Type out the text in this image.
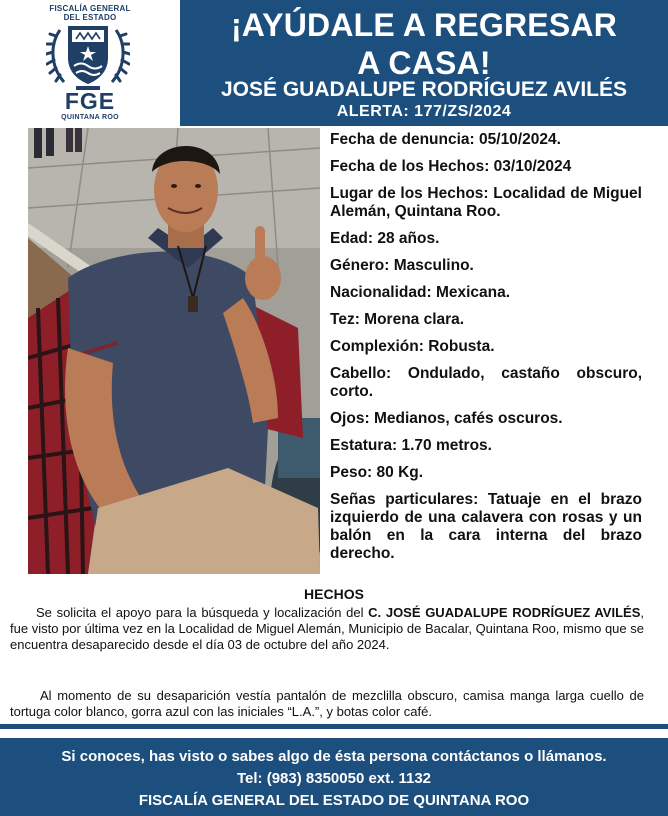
FISCALÍA GENERAL
DEL ESTADO
FGE
QUINTANA ROO
¡AYÚDALE A REGRESAR
A CASA!
JOSÉ GUADALUPE RODRÍGUEZ AVILÉS
ALERTA: 177/ZS/2024
Fecha de denuncia: 05/10/2024.
Fecha de los Hechos: 03/10/2024
Lugar de los Hechos: Localidad de Miguel Alemán, Quintana Roo.
Edad: 28 años.
Género: Masculino.
Nacionalidad: Mexicana.
Tez: Morena clara.
Complexión: Robusta.
Cabello: Ondulado, castaño obscuro, corto.
Ojos: Medianos, cafés oscuros.
Estatura: 1.70 metros.
Peso: 80 Kg.
Señas particulares: Tatuaje en el brazo izquierdo de una calavera con rosas y un balón en la cara interna del brazo derecho.
HECHOS

Se solicita el apoyo para la búsqueda y localización del C. JOSÉ GUADALUPE RODRÍGUEZ AVILÉS, fue visto por última vez en la Localidad de Miguel Alemán, Municipio de Bacalar, Quintana Roo, mismo que se encuentra desaparecido desde el día 03 de octubre del año 2024.

Al momento de su desaparición vestía pantalón de mezclilla obscuro, camisa manga larga cuello de tortuga color blanco, gorra azul con las iniciales “L.A.”, y botas color café.

Si conoces, has visto o sabes algo de ésta persona contáctanos o llámanos.
Tel: (983) 8350050 ext. 1132
FISCALÍA GENERAL DEL ESTADO DE QUINTANA ROO
